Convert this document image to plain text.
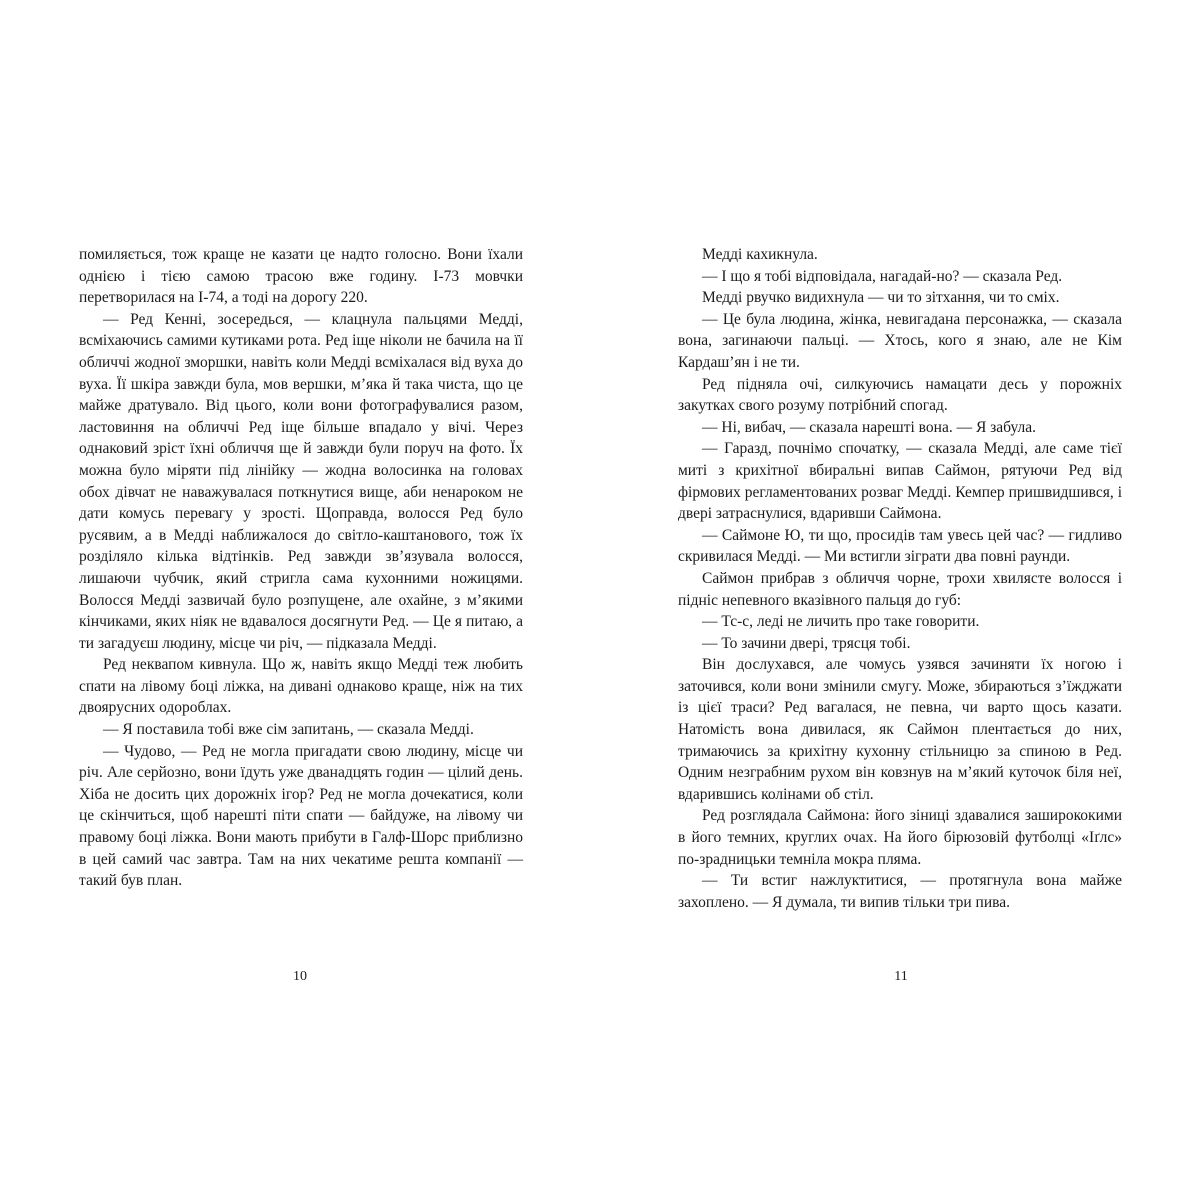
помиляється, тож краще не казати це надто голосно. Вони їхали однією і тією самою трасою вже годину. I-73 мовчки перетворилася на I-74, а тоді на дорогу 220.

— Ред Кенні, зосередься, — клацнула пальцями Медді, всміхаючись самими кутиками рота. Ред іще ніколи не бачила на її обличчі жодної зморшки, навіть коли Медді всміхалася від вуха до вуха. Її шкіра завжди була, мов вершки, м’яка й така чиста, що це майже дратувало. Від цього, коли вони фотографувалися разом, ластовиння на обличчі Ред іще більше впадало у вічі. Через однаковий зріст їхні обличчя ще й завжди були поруч на фото. Їх можна було міряти під лінійку — жодна волосинка на головах обох дівчат не наважувалася поткнутися вище, аби ненароком не дати комусь перевагу у зрості. Щоправда, волосся Ред було русявим, а в Медді наближалося до світло-каштанового, тож їх розділяло кілька відтінків. Ред завжди зв’язувала волосся, лишаючи чубчик, який стригла сама кухонними ножицями. Волосся Медді зазвичай було розпущене, але охайне, з м’якими кінчиками, яких ніяк не вдавалося досягнути Ред. — Це я питаю, а ти загадуєш людину, місце чи річ, — підказала Медді.

Ред неквапом кивнула. Що ж, навіть якщо Медді теж любить спати на лівому боці ліжка, на дивані однаково краще, ніж на тих двоярусних одороблах.

— Я поставила тобі вже сім запитань, — сказала Медді.

— Чудово, — Ред не могла пригадати свою людину, місце чи річ. Але серйозно, вони їдуть уже дванадцять годин — цілий день. Хіба не досить цих дорожніх ігор? Ред не могла дочекатися, коли це скінчиться, щоб нарешті піти спати — байдуже, на лівому чи правому боці ліжка. Вони мають прибути в Галф-Шорс приблизно в цей самий час завтра. Там на них чекатиме решта компанії — такий був план.

10

Медді кахикнула.

— І що я тобі відповідала, нагадай-но? — сказала Ред.

Медді рвучко видихнула — чи то зітхання, чи то сміх.

— Це була людина, жінка, невигадана персонажка, — сказала вона, загинаючи пальці. — Хтось, кого я знаю, але не Кім Кардаш’ян і не ти.

Ред підняла очі, силкуючись намацати десь у порожніх закутках свого розуму потрібний спогад.

— Ні, вибач, — сказала нарешті вона. — Я забула.

— Гаразд, почнімо спочатку, — сказала Медді, але саме тієї миті з крихітної вбиральні випав Саймон, рятуючи Ред від фірмових регламентованих розваг Медді. Кемпер пришвидшився, і двері затраснулися, вдаривши Саймона.

— Саймоне Ю, ти що, просидів там увесь цей час? — гидливо скривилася Медді. — Ми встигли зіграти два повні раунди.

Саймон прибрав з обличчя чорне, трохи хвилясте волосся і підніс непевного вказівного пальця до губ:

— Тс-с, леді не личить про таке говорити.

— То зачини двері, трясця тобі.

Він дослухався, але чомусь узявся зачиняти їх ногою і заточився, коли вони змінили смугу. Може, збираються з’їжджати із цієї траси? Ред вагалася, не певна, чи варто щось казати. Натомість вона дивилася, як Саймон плентається до них, тримаючись за крихітну кухонну стільницю за спиною в Ред. Одним незграбним рухом він ковзнув на м’який куточок біля неї, вдарившись колінами об стіл.

Ред розглядала Саймона: його зіниці здавалися заширококими в його темних, круглих очах. На його бірюзовій футболці «Іґлс» по-зрадницьки темніла мокра пляма.

— Ти встиг нажлуктитися, — протягнула вона майже захоплено. — Я думала, ти випив тільки три пива.

11
